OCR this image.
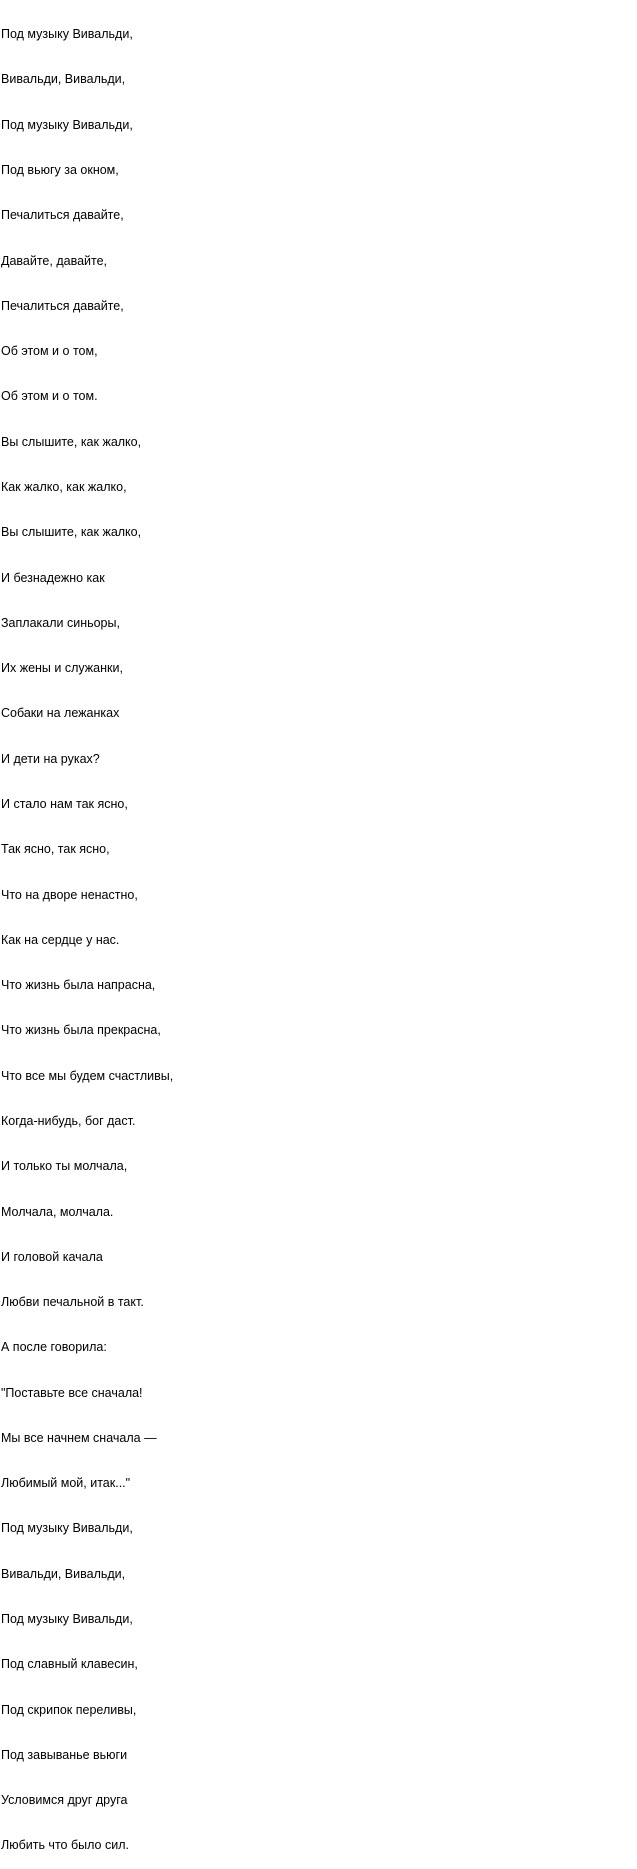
Под музыку Вивальди,

Вивальди, Вивальди,

Под музыку Вивальди,

Под вьюгу за окном,

Печалиться давайте,

Давайте, давайте,

Печалиться давайте,

Об этом и о том,

Об этом и о том.

Вы слышите, как жалко,

Как жалко, как жалко,

Вы слышите, как жалко,

И безнадежно как

Заплакали синьоры,

Их жены и служанки,

Собаки на лежанках

И дети на руках?

И стало нам так ясно,

Так ясно, так ясно,

Что на дворе ненастно,

Как на сердце у нас.

Что жизнь была напрасна,

Что жизнь была прекрасна,

Что все мы будем счастливы,

Когда-нибудь, бог даст.

И только ты молчала,

Молчала, молчала.

И головой качала

Любви печальной в такт.

А после говорила:

"Поставьте все сначала!

Мы все начнем сначала —

Любимый мой, итак..."

Под музыку Вивальди,

Вивальди, Вивальди,

Под музыку Вивальди,

Под славный клавесин,

Под скрипок переливы,

Под завыванье вьюги

Условимся друг друга

Любить что было сил.
